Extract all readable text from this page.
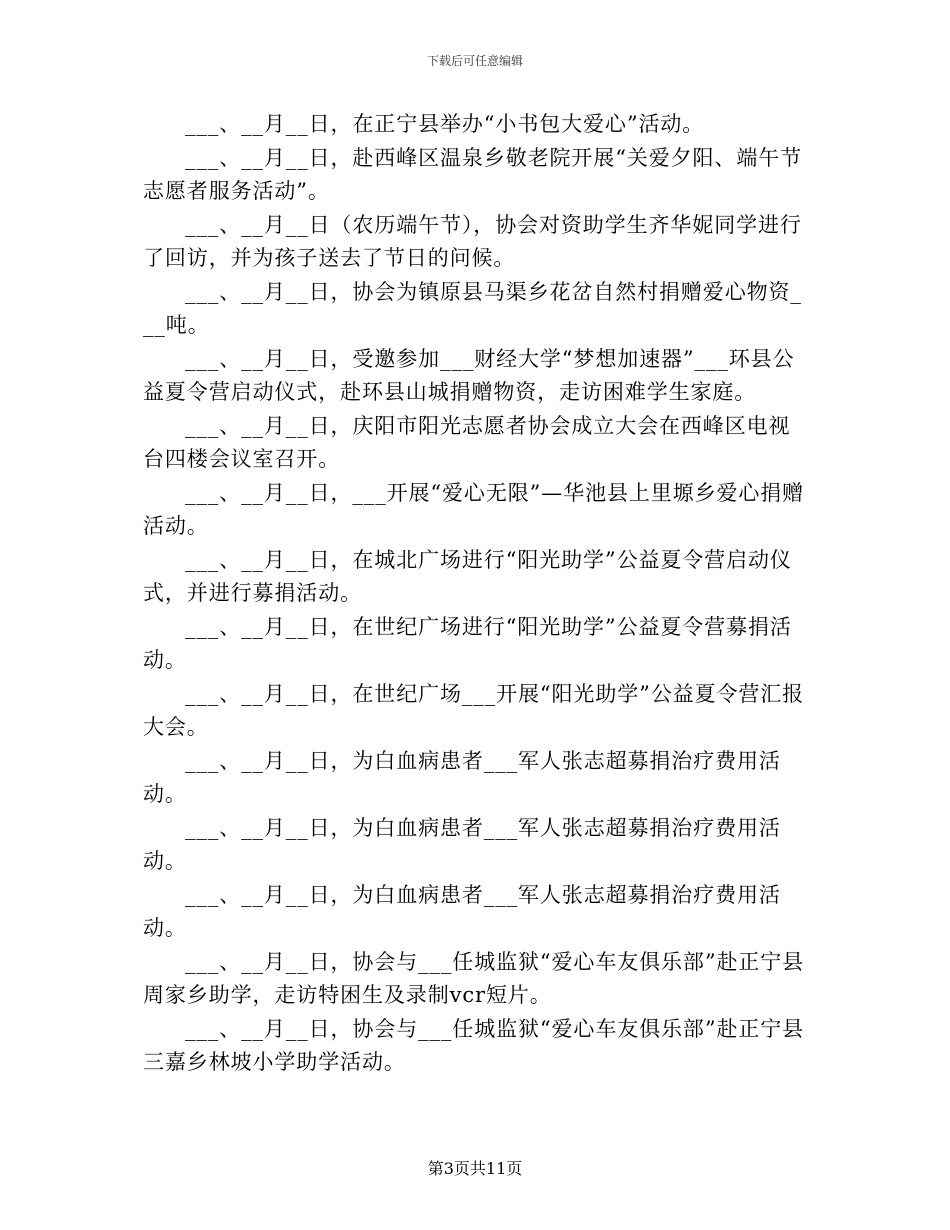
下载后可任意编辑

___、__月__日，在正宁县举办“小书包大爱心”活动。

___、__月__日，赴西峰区温泉乡敬老院开展“关爱夕阳、端午节志愿者服务活动”。

___、__月__日（农历端午节），协会对资助学生齐华妮同学进行了回访，并为孩子送去了节日的问候。

___、__月__日，协会为镇原县马渠乡花岔自然村捐赠爱心物资___吨。

___、__月__日，受邀参加___财经大学“梦想加速器”___环县公益夏令营启动仪式，赴环县山城捐赠物资，走访困难学生家庭。

___、__月__日，庆阳市阳光志愿者协会成立大会在西峰区电视台四楼会议室召开。

___、__月__日，___开展“爱心无限”—华池县上里塬乡爱心捐赠活动。

___、__月__日，在城北广场进行“阳光助学”公益夏令营启动仪式，并进行募捐活动。

___、__月__日，在世纪广场进行“阳光助学”公益夏令营募捐活动。

___、__月__日，在世纪广场___开展“阳光助学”公益夏令营汇报大会。

___、__月__日，为白血病患者___军人张志超募捐治疗费用活动。

___、__月__日，为白血病患者___军人张志超募捐治疗费用活动。

___、__月__日，为白血病患者___军人张志超募捐治疗费用活动。

___、__月__日，协会与___任城监狱“爱心车友俱乐部”赴正宁县周家乡助学，走访特困生及录制vcr短片。

___、__月__日，协会与___任城监狱“爱心车友俱乐部”赴正宁县三嘉乡林坡小学助学活动。

第3页共11页
